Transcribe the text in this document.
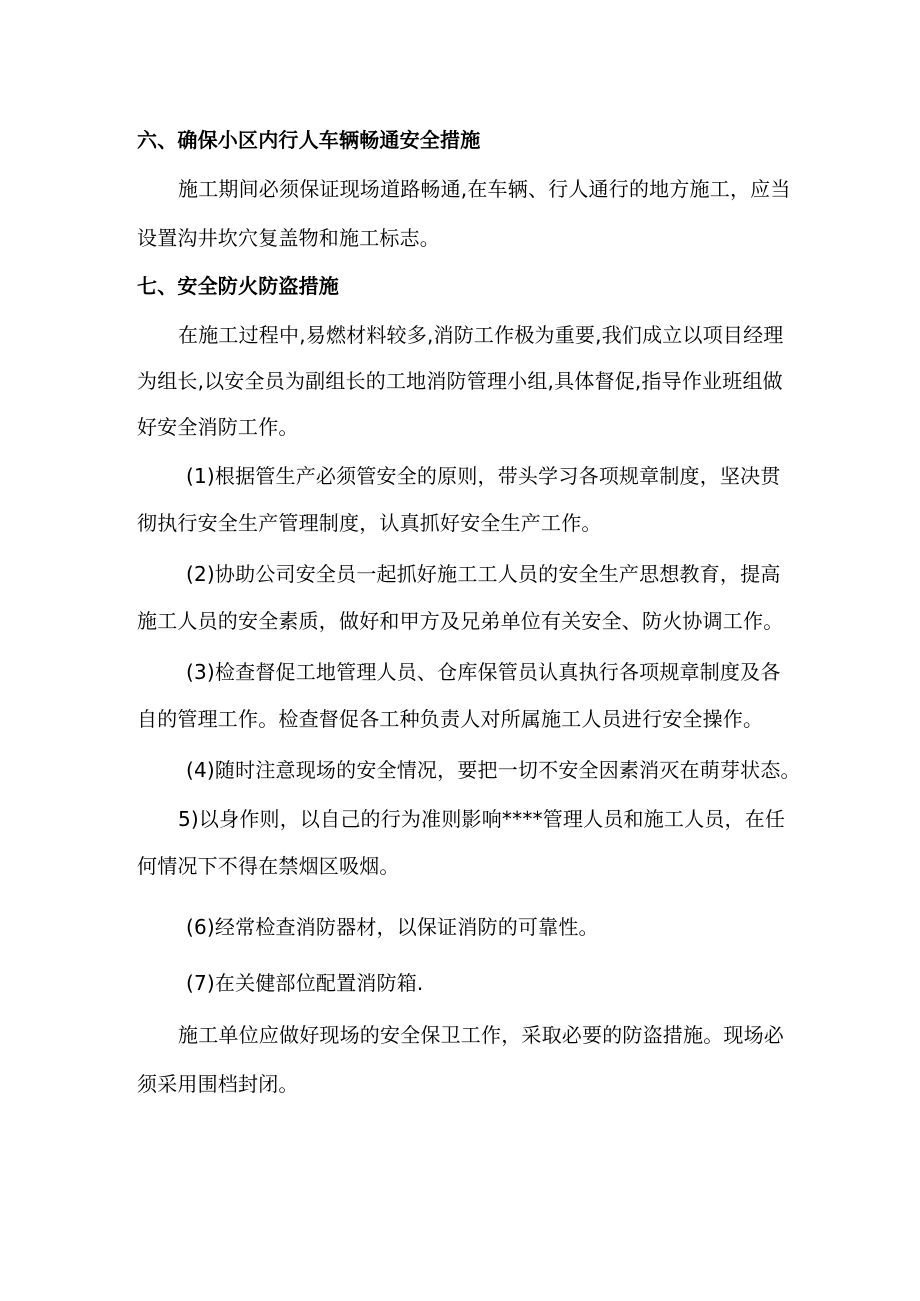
六、确保小区内行人车辆畅通安全措施
施工期间必须保证现场道路畅通,在车辆、行人通行的地方施工，应当
设置沟井坎穴复盖物和施工标志。
七、安全防火防盗措施
在施工过程中,易燃材料较多,消防工作极为重要,我们成立以项目经理
为组长,以安全员为副组长的工地消防管理小组,具体督促,指导作业班组做
好安全消防工作。
(1)根据管生产必须管安全的原则，带头学习各项规章制度，坚决贯
彻执行安全生产管理制度，认真抓好安全生产工作。
(2)协助公司安全员一起抓好施工工人员的安全生产思想教育，提高
施工人员的安全素质，做好和甲方及兄弟单位有关安全、防火协调工作。
(3)检查督促工地管理人员、仓库保管员认真执行各项规章制度及各
自的管理工作。检查督促各工种负责人对所属施工人员进行安全操作。
(4)随时注意现场的安全情况，要把一切不安全因素消灭在萌芽状态。
5)以身作则，以自己的行为准则影响****管理人员和施工人员，在任
何情况下不得在禁烟区吸烟。
(6)经常检查消防器材，以保证消防的可靠性。
(7)在关健部位配置消防箱.
施工单位应做好现场的安全保卫工作，采取必要的防盗措施。现场必
须采用围档封闭。
